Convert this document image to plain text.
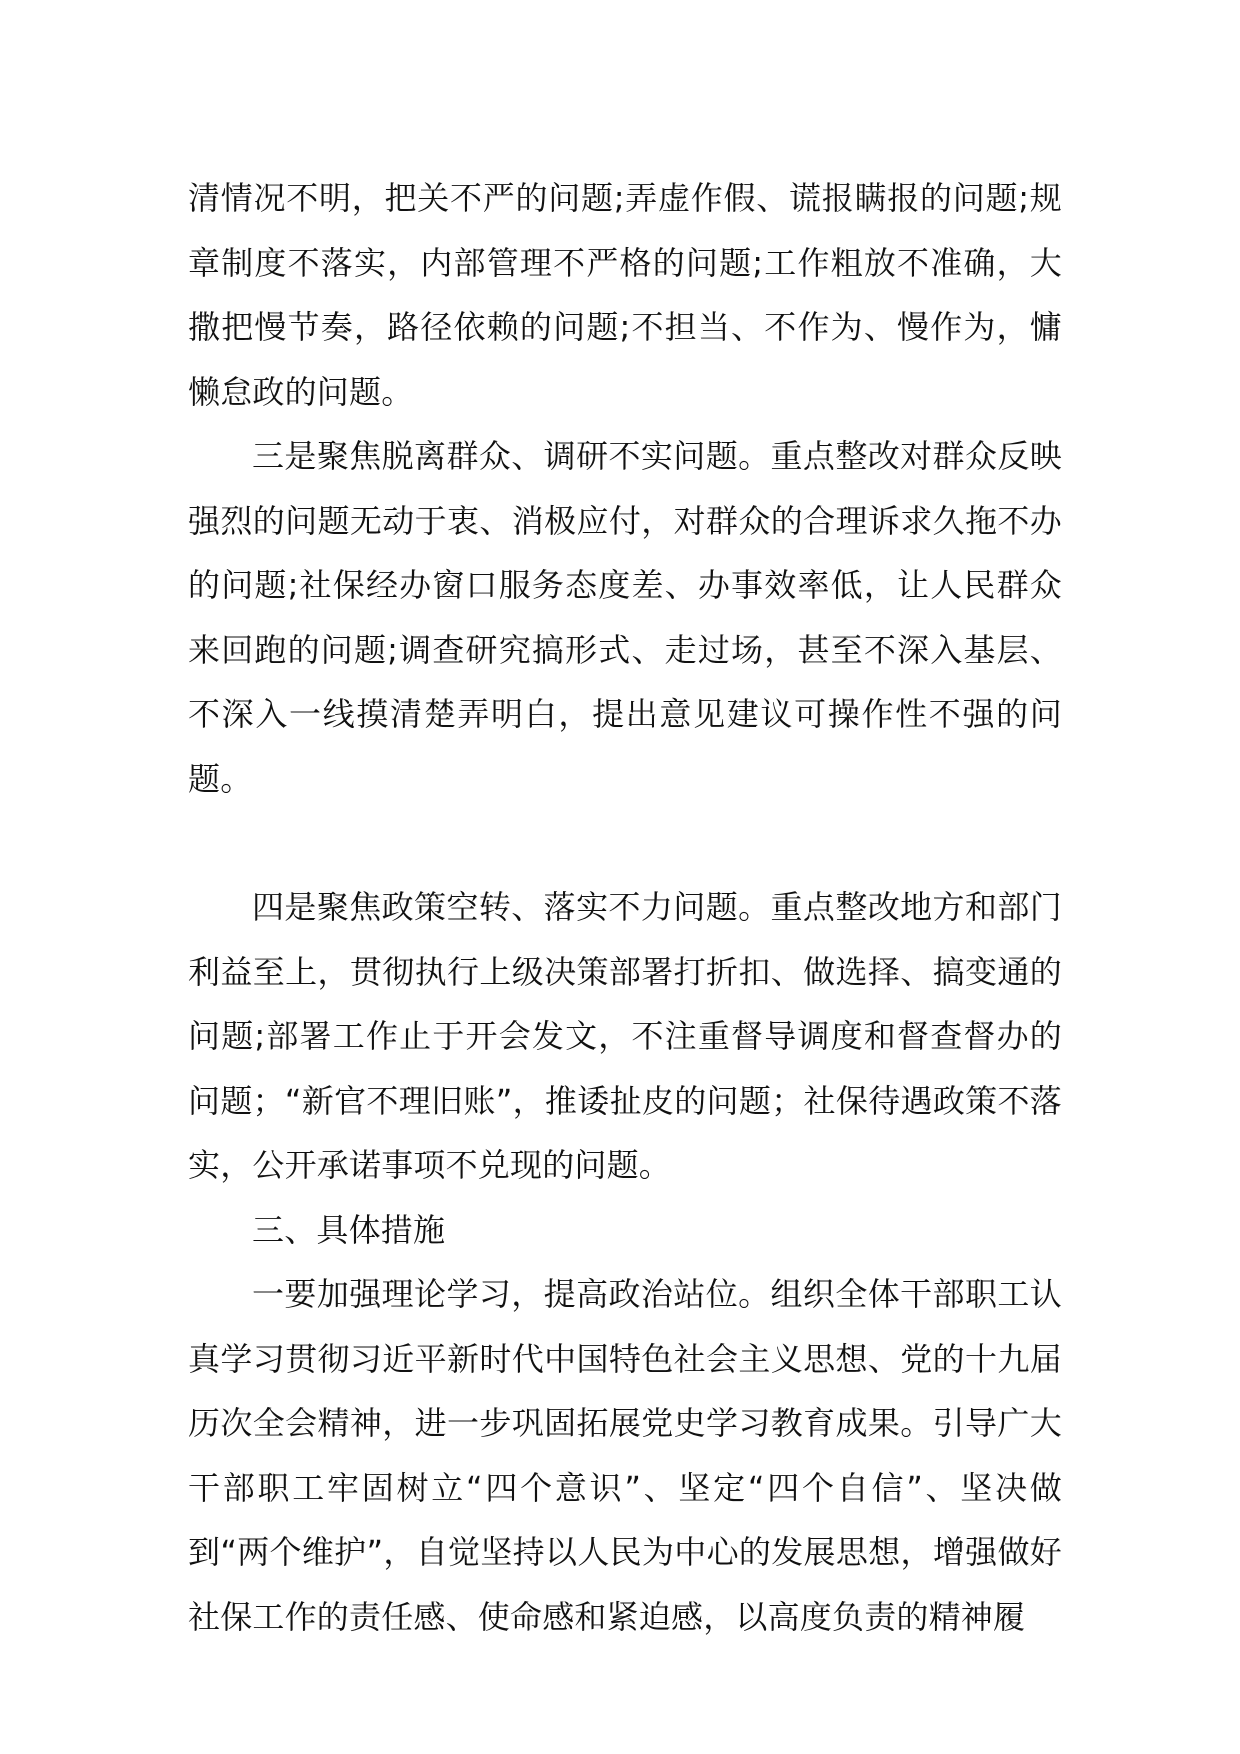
清情况不明，把关不严的问题;弄虚作假、谎报瞒报的问题;规章制度不落实，内部管理不严格的问题;工作粗放不准确，大撒把慢节奏，路径依赖的问题;不担当、不作为、慢作为，慵懒怠政的问题。

三是聚焦脱离群众、调研不实问题。重点整改对群众反映强烈的问题无动于衷、消极应付，对群众的合理诉求久拖不办的问题;社保经办窗口服务态度差、办事效率低，让人民群众来回跑的问题;调查研究搞形式、走过场，甚至不深入基层、不深入一线摸清楚弄明白，提出意见建议可操作性不强的问题。

四是聚焦政策空转、落实不力问题。重点整改地方和部门利益至上，贯彻执行上级决策部署打折扣、做选择、搞变通的问题;部署工作止于开会发文，不注重督导调度和督查督办的问题；“新官不理旧账”，推诿扯皮的问题；社保待遇政策不落实，公开承诺事项不兑现的问题。

三、具体措施

一要加强理论学习，提高政治站位。组织全体干部职工认真学习贯彻习近平新时代中国特色社会主义思想、党的十九届历次全会精神，进一步巩固拓展党史学习教育成果。引导广大干部职工牢固树立“四个意识”、坚定“四个自信”、坚决做到“两个维护”，自觉坚持以人民为中心的发展思想，增强做好社保工作的责任感、使命感和紧迫感，以高度负责的精神履
